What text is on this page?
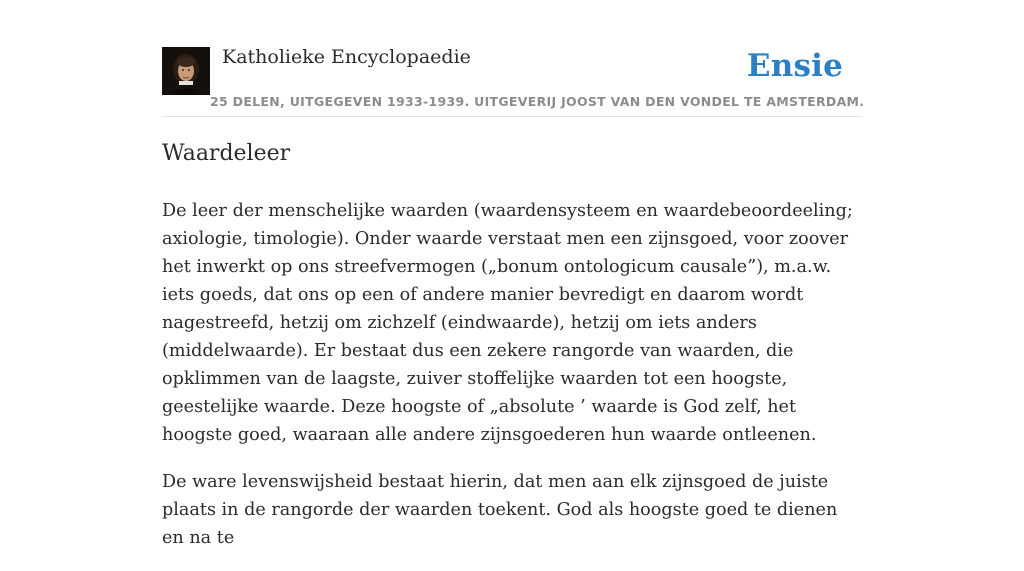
Katholieke Encyclopaedie
25 DELEN, UITGEGEVEN 1933-1939. UITGEVERIJ JOOST VAN DEN VONDEL TE AMSTERDAM.
Ensie
Waardeleer

De leer der menschelijke waarden (waardensysteem en waardebeoordeeling; axiologie, timologie). Onder waarde verstaat men een zijnsgoed, voor zoover het inwerkt op ons streefvermogen („bonum ontologicum causale”), m.a.w. iets goeds, dat ons op een of andere manier bevredigt en daarom wordt nagestreefd, hetzij om zichzelf (eindwaarde), hetzij om iets anders (middelwaarde). Er bestaat dus een zekere rangorde van waarden, die opklimmen van de laagste, zuiver stoffelijke waarden tot een hoogste, geestelijke waarde. Deze hoogste of „absolute ’ waarde is God zelf, het hoogste goed, waaraan alle andere zijnsgoederen hun waarde ontleenen.

De ware levenswijsheid bestaat hierin, dat men aan elk zijnsgoed de juiste plaats in de rangorde der waarden toekent. God als hoogste goed te dienen en na te
